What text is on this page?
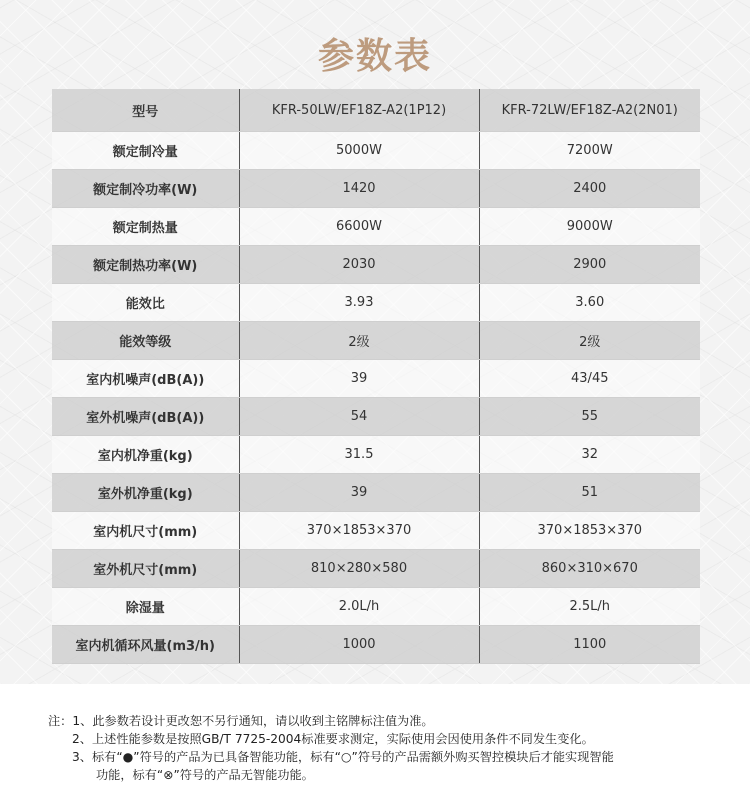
参数表
型号	KFR-50LW/EF18Z-A2(1P12)	KFR-72LW/EF18Z-A2(2N01)
额定制冷量	5000W	7200W
额定制冷功率(W)	1420	2400
额定制热量	6600W	9000W
额定制热功率(W)	2030	2900
能效比	3.93	3.60
能效等级	2级	2级
室内机噪声(dB(A))	39	43/45
室外机噪声(dB(A))	54	55
室内机净重(kg)	31.5	32
室外机净重(kg)	39	51
室内机尺寸(mm)	370×1853×370	370×1853×370
室外机尺寸(mm)	810×280×580	860×310×670
除湿量	2.0L/h	2.5L/h
室内机循环风量(m3/h)	1000	1100
注：1、此参数若设计更改恕不另行通知，请以收到主铭牌标注值为准。
2、上述性能参数是按照GB/T 7725-2004标准要求测定，实际使用会因使用条件不同发生变化。
3、标有“●”符号的产品为已具备智能功能，标有“○”符号的产品需额外购买智控模块后才能实现智能
功能，标有“⊗”符号的产品无智能功能。
